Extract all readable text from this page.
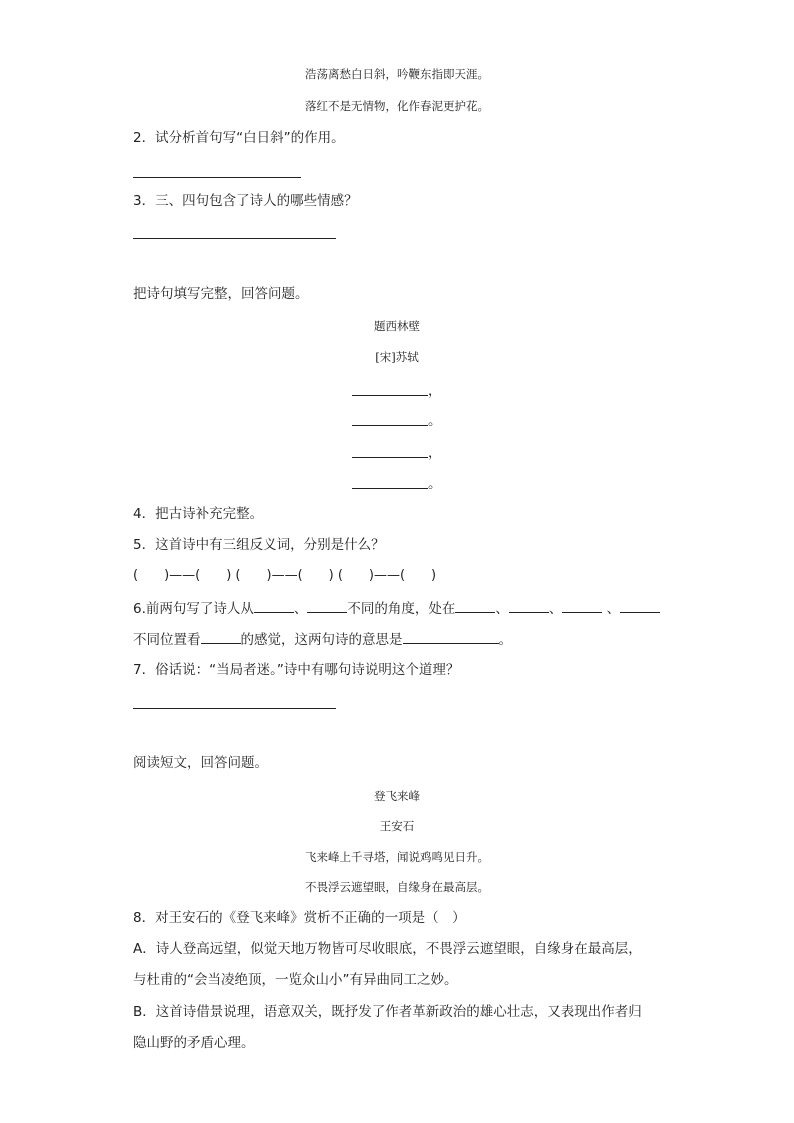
浩荡离愁白日斜，吟鞭东指即天涯。
落红不是无情物，化作春泥更护花。
2．试分析首句写“白日斜”的作用。
3．三、四句包含了诗人的哪些情感？
把诗句填写完整，回答问题。
题西林壁
[宋]苏轼
，
。
，
。
4．把古诗补充完整。
5．这首诗中有三组反义词，分别是什么？
(　　)——(　　) (　　)——(　　) (　　)——(　　)
6.前两句写了诗人从	、	不同的角度，处在	、	、	、
不同位置看	的感觉，这两句诗的意思是	。
7．俗话说：“当局者迷。”诗中有哪句诗说明这个道理？
阅读短文，回答问题。
登飞来峰
王安石
飞来峰上千寻塔，闻说鸡鸣见日升。
不畏浮云遮望眼，自缘身在最高层。
8．对王安石的《登飞来峰》赏析不正确的一项是（　）
A．诗人登高远望，似觉天地万物皆可尽收眼底，不畏浮云遮望眼，自缘身在最高层，
与杜甫的“会当凌绝顶，一览众山小”有异曲同工之妙。
B．这首诗借景说理，语意双关，既抒发了作者革新政治的雄心壮志，又表现出作者归
隐山野的矛盾心理。
